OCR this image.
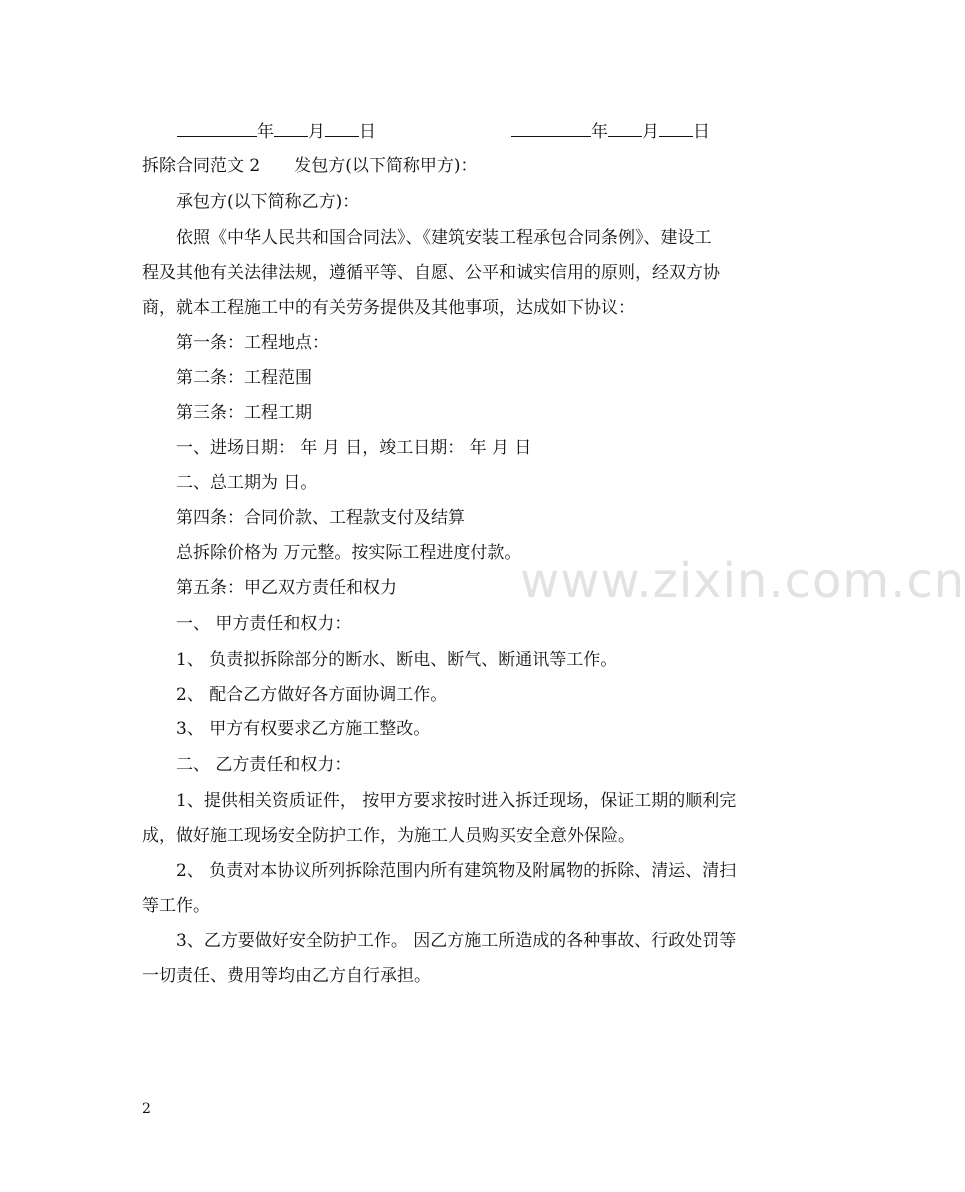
年 月 日	年 月 日
拆除合同范文 2　　发包方(以下简称甲方)：
承包方(以下简称乙方)：
依照《中华人民共和国合同法》、《建筑安装工程承包合同条例》、建设工
程及其他有关法律法规，遵循平等、自愿、公平和诚实信用的原则，经双方协
商，就本工程施工中的有关劳务提供及其他事项，达成如下协议：
第一条：工程地点：
第二条：工程范围
第三条：工程工期
一、进场日期： 年 月 日，竣工日期： 年 月 日
二、总工期为 日。
第四条：合同价款、工程款支付及结算
总拆除价格为 万元整。按实际工程进度付款。
第五条：甲乙双方责任和权力
一、 甲方责任和权力：
1、 负责拟拆除部分的断水、断电、断气、断通讯等工作。
2、 配合乙方做好各方面协调工作。
3、 甲方有权要求乙方施工整改。
二、 乙方责任和权力：
1、提供相关资质证件， 按甲方要求按时进入拆迁现场，保证工期的顺利完
成，做好施工现场安全防护工作，为施工人员购买安全意外保险。
2、 负责对本协议所列拆除范围内所有建筑物及附属物的拆除、清运、清扫
等工作。
3、乙方要做好安全防护工作。 因乙方施工所造成的各种事故、行政处罚等
一切责任、费用等均由乙方自行承担。
www.zixin.com.cn
2
